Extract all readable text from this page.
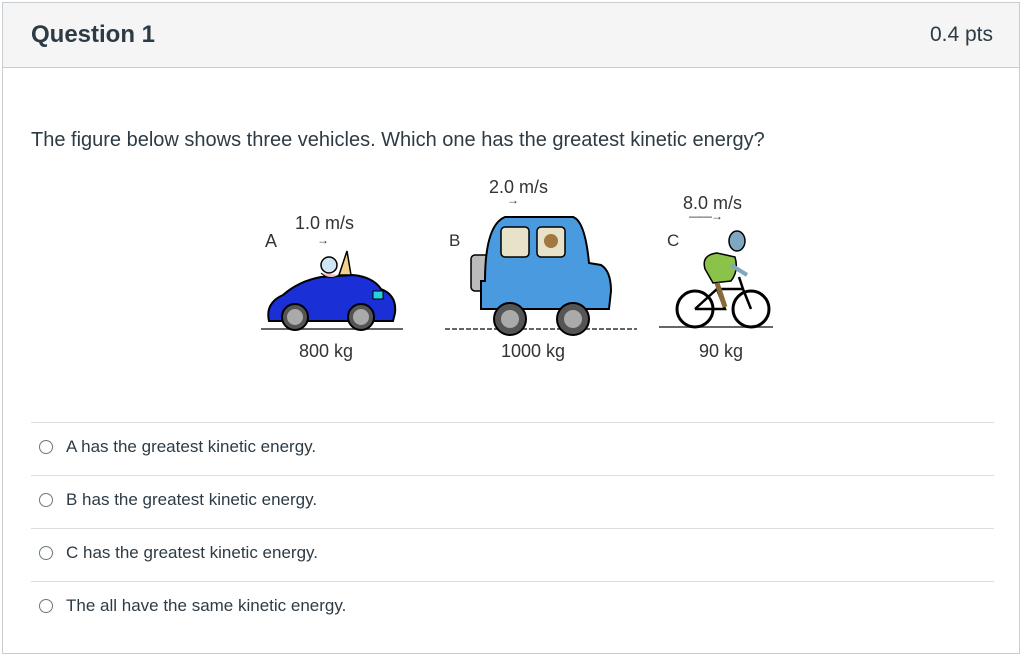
Question 1	0.4 pts
The figure below shows three vehicles. Which one has the greatest kinetic energy?
A
1.0 m/s
→
800 kg
B
2.0 m/s
→
1000 kg
C
8.0 m/s
——→
90 kg
A has the greatest kinetic energy.
B has the greatest kinetic energy.
C has the greatest kinetic energy.
The all have the same kinetic energy.
